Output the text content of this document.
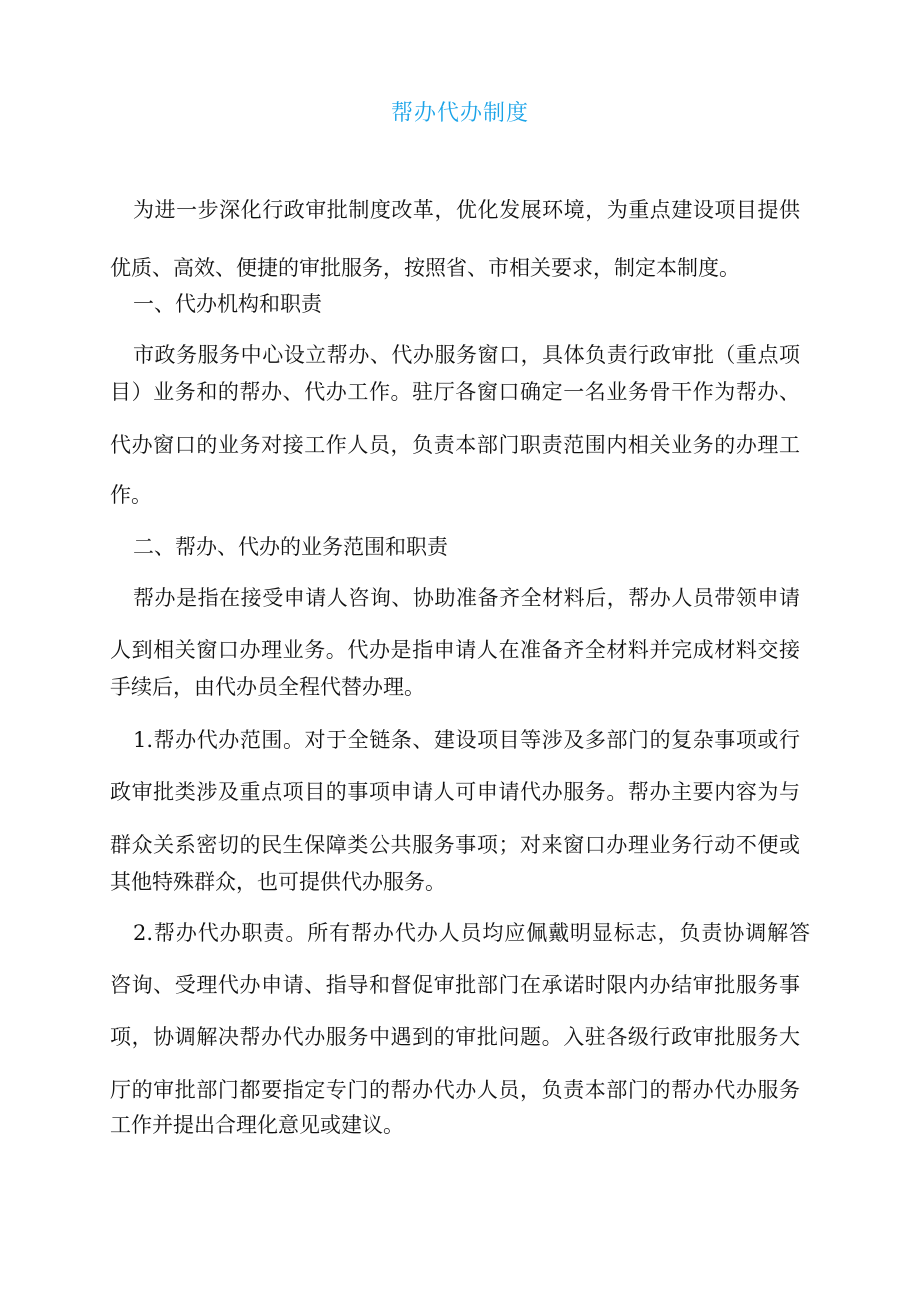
帮办代办制度
为进一步深化行政审批制度改革，优化发展环境，为重点建设项目提供
优质、高效、便捷的审批服务，按照省、市相关要求，制定本制度。
一、代办机构和职责
市政务服务中心设立帮办、代办服务窗口，具体负责行政审批（重点项
目）业务和的帮办、代办工作。驻厅各窗口确定一名业务骨干作为帮办、
代办窗口的业务对接工作人员，负责本部门职责范围内相关业务的办理工
作。
二、帮办、代办的业务范围和职责
帮办是指在接受申请人咨询、协助准备齐全材料后，帮办人员带领申请
人到相关窗口办理业务。代办是指申请人在准备齐全材料并完成材料交接
手续后，由代办员全程代替办理。
1.帮办代办范围。对于全链条、建设项目等涉及多部门的复杂事项或行
政审批类涉及重点项目的事项申请人可申请代办服务。帮办主要内容为与
群众关系密切的民生保障类公共服务事项；对来窗口办理业务行动不便或
其他特殊群众，也可提供代办服务。
2.帮办代办职责。所有帮办代办人员均应佩戴明显标志，负责协调解答
咨询、受理代办申请、指导和督促审批部门在承诺时限内办结审批服务事
项，协调解决帮办代办服务中遇到的审批问题。入驻各级行政审批服务大
厅的审批部门都要指定专门的帮办代办人员，负责本部门的帮办代办服务
工作并提出合理化意见或建议。
